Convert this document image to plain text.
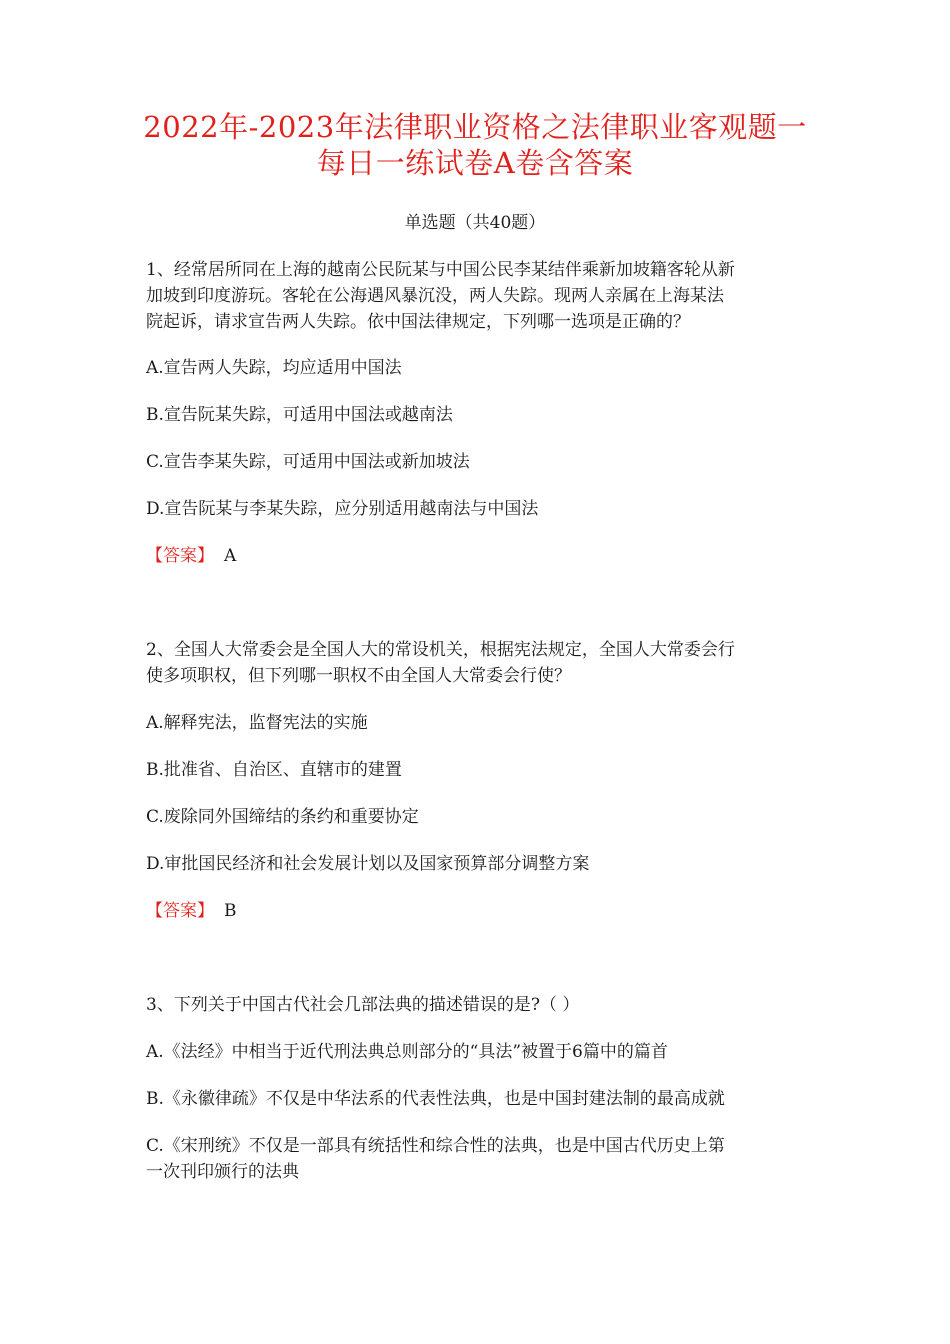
2022年-2023年法律职业资格之法律职业客观题一
每日一练试卷A卷含答案
单选题（共40题）
1、经常居所同在上海的越南公民阮某与中国公民李某结伴乘新加坡籍客轮从新
加坡到印度游玩。客轮在公海遇风暴沉没，两人失踪。现两人亲属在上海某法
院起诉，请求宣告两人失踪。依中国法律规定，下列哪一选项是正确的？
A.宣告两人失踪，均应适用中国法
B.宣告阮某失踪，可适用中国法或越南法
C.宣告李某失踪，可适用中国法或新加坡法
D.宣告阮某与李某失踪，应分别适用越南法与中国法
【答案】 A
2、全国人大常委会是全国人大的常设机关，根据宪法规定，全国人大常委会行
使多项职权，但下列哪一职权不由全国人大常委会行使？
A.解释宪法，监督宪法的实施
B.批准省、自治区、直辖市的建置
C.废除同外国缔结的条约和重要协定
D.审批国民经济和社会发展计划以及国家预算部分调整方案
【答案】 B
3、下列关于中国古代社会几部法典的描述错误的是?（ ）
A.《法经》中相当于近代刑法典总则部分的“具法”被置于6篇中的篇首
B.《永徽律疏》不仅是中华法系的代表性法典，也是中国封建法制的最高成就
C.《宋刑统》不仅是一部具有统括性和综合性的法典，也是中国古代历史上第
一次刊印颁行的法典
